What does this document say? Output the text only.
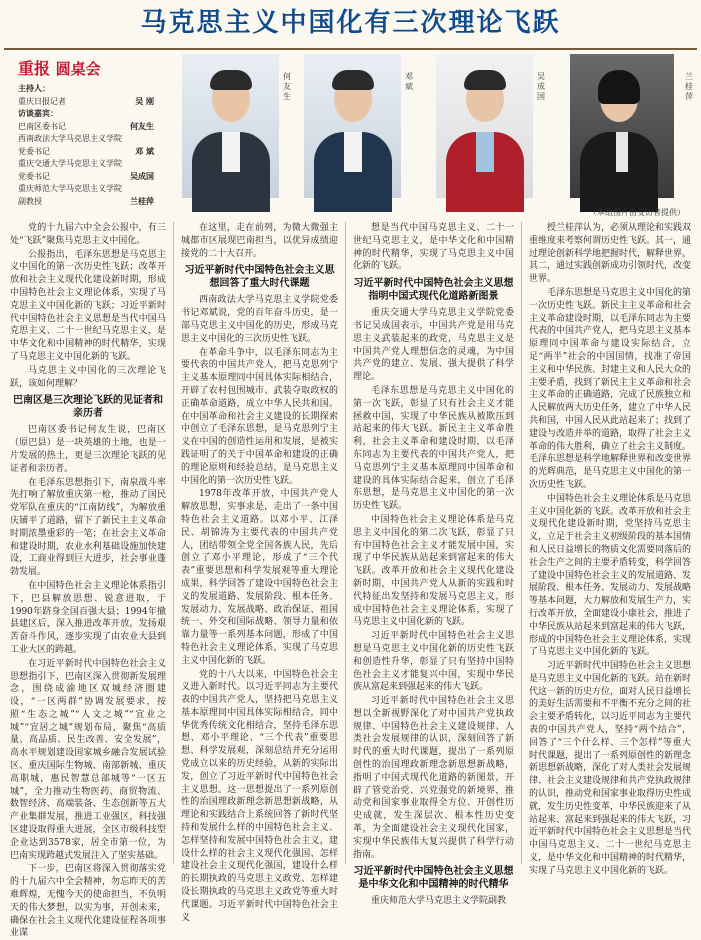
马克思主义中国化有三次理论飞跃
重报 圆桌会
主持人：
重庆日报记者	吴 刚
访谈嘉宾：
巴南区委书记	何友生
西南政法大学马克思主义学院党委书记	邓 斌
重庆交通大学马克思主义学院党委书记	吴成国
重庆师范大学马克思主义学院副教授	兰桂萍
何友生
邓斌
吴成国
兰桂萍
（本组图片由受访者提供）

党的十九届六中全会公报中，有三处“飞跃”聚焦马克思主义中国化。

公报指出，毛泽东思想是马克思主义中国化的第一次历史性飞跃；改革开放和社会主义现代化建设新时期，形成中国特色社会主义理论体系，实现了马克思主义中国化新的飞跃；习近平新时代中国特色社会主义思想是当代中国马克思主义、二十一世纪马克思主义，是中华文化和中国精神的时代精华，实现了马克思主义中国化新的飞跃。

马克思主义中国化的三次理论飞跃，该如何理解？

巴南区是三次理论飞跃的见证者和亲历者

巴南区委书记何友生说，巴南区（原巴县）是一块英雄的土地，也是一片发展的热土，更是三次理论飞跃的见证者和亲历者。

在毛泽东思想指引下，南泉战斗率先打响了解放重庆第一枪，推动了国民党军队在重庆的“江南防线”，为解放重庆铺平了道路，留下了新民主主义革命时期浓墨重彩的一笔；在社会主义革命和建设时期，农业水利基础设施加快建设，工商业得到巨大进步，社会事业蓬勃发展。

在中国特色社会主义理论体系指引下，巴县解放思想、锐意进取，于1990年跻身全国百强大县；1994年撤县建区后，深入推进改革开放，发扬艰苦奋斗作风，逐步实现了由农业大县到工业大区的跨越。

在习近平新时代中国特色社会主义思想指引下，巴南区深入贯彻新发展理念，围绕成渝地区双城经济圈建设，“一区两群”协调发展要求，按照“生态之城”“人文之城”“宜业之城”“宜居之城”规划布局，聚焦“高质量、高品质、民生改善、安全发展”，高水平规划建设国家城乡融合发展试验区、重庆国际生物城、南部新城、重庆高职城，惠民智慧总部城等“一区五城”，全力推动生物医药、商贸物流、数智经济、高端装备、生态创新等五大产业集群发展，推进工业强区，科技强区建设取得重大进展，全区市级科技型企业达到3578家，居全市第一位，为巴南实现跨越式发展注入了坚实基础。

下一步，巴南区将深入贯彻落实党的十九届六中全会精神，勿忘昨天的苦难辉煌，无愧今天的使命担当，不负明天的伟大梦想，以实为事，开创未来，确保在社会主义现代化建设征程各项事业谋

在这里，走在前列，为微大微强主城都市区展现巴南担当，以优异成绩迎接党的二十大召开。

习近平新时代中国特色社会主义思想回答了重大时代课题

西南政法大学马克思主义学院党委书记邓斌说，党的百年奋斗历史，是一部马克思主义中国化的历史，形成马克思主义中国化的三次历史性飞跃。

在革命斗争中，以毛泽东同志为主要代表的中国共产党人，把马克思列宁主义基本原理同中国具体实际相结合，开辟了农村包围城市、武装夺取政权的正确革命道路，成立中华人民共和国。在中国革命和社会主义建设的长期探索中创立了毛泽东思想，是马克思列宁主义在中国的创造性运用和发展，是被实践证明了的关于中国革命和建设的正确的理论原则和经验总结，是马克思主义中国化的第一次历史性飞跃。

1978年改革开放，中国共产党人解放思想，实事求是，走出了一条中国特色社会主义道路。以邓小平、江泽民、胡锦涛为主要代表的中国共产党人，团结带领全党全国各族人民，先后创立了邓小平理论，形成了“三个代表”重要思想和科学发展观等重大理论成果，科学回答了建设中国特色社会主义的发展道路、发展阶段、根本任务、发展动力、发展战略、政治保证、祖国统一、外交和国际战略、领导力量和依靠力量等一系列基本问题，形成了中国特色社会主义理论体系，实现了马克思主义中国化新的飞跃。

党的十八大以来，中国特色社会主义进入新时代。以习近平同志为主要代表的中国共产党人，坚持把马克思主义基本原理同中国具体实际相结合，同中华优秀传统文化相结合，坚持毛泽东思想、邓小平理论、“三个代表”重要思想、科学发展观，深刻总结并充分运用党成立以来的历史经验，从新的实际出发，创立了习近平新时代中国特色社会主义思想。这一思想提出了一系列原创性的治国理政新理念新思想新战略，从理论和实践结合上系统回答了新时代坚持和发展什么样的中国特色社会主义、怎样坚持和发展中国特色社会主义，建设什么样的社会主义现代化强国、怎样建设社会主义现代化强国，建设什么样的长期执政的马克思主义政党、怎样建设长期执政的马克思主义政党等重大时代课题。习近平新时代中国特色社会主义

想是当代中国马克思主义、二十一世纪马克思主义，是中华文化和中国精神的时代精华，实现了马克思主义中国化新的飞跃。

习近平新时代中国特色社会主义思想指明中国式现代化道路新图景

重庆交通大学马克思主义学院党委书记吴成国表示，中国共产党是用马克思主义武装起来的政党，马克思主义是中国共产党人理想信念的灵魂，为中国共产党的建立、发展、强大提供了科学理论。

毛泽东思想是马克思主义中国化的第一次飞跃，彰显了只有社会主义才能拯救中国，实现了中华民族从被欺压到站起来的伟大飞跃。新民主主义革命胜利，社会主义革命和建设时期，以毛泽东同志为主要代表的中国共产党人，把马克思列宁主义基本原理同中国革命和建设的具体实际结合起来，创立了毛泽东思想，是马克思主义中国化的第一次历史性飞跃。

中国特色社会主义理论体系是马克思主义中国化的第二次飞跃，彰显了只有中国特色社会主义才能发展中国，实现了中华民族从站起来到富起来的伟大飞跃。改革开放和社会主义现代化建设新时期，中国共产党人从新的实践和时代特征出发坚持和发展马克思主义，形成中国特色社会主义理论体系，实现了马克思主义中国化新的飞跃。

习近平新时代中国特色社会主义思想是马克思主义中国化新的历史性飞跃和创造性升华，彰显了只有坚持中国特色社会主义才能复兴中国，实现中华民族从富起来到强起来的伟大飞跃。

习近平新时代中国特色社会主义思想以全新视野深化了对中国共产党执政规律、中国特色社会主义建设规律、人类社会发展规律的认识，深刻回答了新时代的重大时代课题，提出了一系列原创性的治国理政新理念新思想新战略，指明了中国式现代化道路的新图景，开辟了管党治党、兴党强党的新境界，推动党和国家事业取得全方位、开创性历史成就，发生深层次、根本性历史变革，为全面建设社会主义现代化国家，实现中华民族伟大复兴提供了科学行动指南。

习近平新时代中国特色社会主义思想是中华文化和中国精神的时代精华

重庆师范大学马克思主义学院副教

授兰桂萍认为，必须从理论和实践双重维度来考察何谓历史性飞跃。其一，通过理论创新科学地把握时代，解释世界。其二，通过实践创新成功引领时代，改变世界。

毛泽东思想是马克思主义中国化的第一次历史性飞跃。新民主主义革命和社会主义革命建设时期，以毛泽东同志为主要代表的中国共产党人，把马克思主义基本原理同中国革命与建设实际结合，立足“两半”社会的中国国情，找准了帝国主义和中华民族、封建主义和人民大众的主要矛盾，找到了新民主主义革命和社会主义革命的正确道路，完成了民族独立和人民解放两大历史任务，建立了中华人民共和国，中国人民从此站起来了；找到了建设与改造并举的道路，取得了社会主义革命的伟大胜利，确立了社会主义制度。毛泽东思想是科学地解释世界和改变世界的光辉典范，是马克思主义中国化的第一次历史性飞跃。

中国特色社会主义理论体系是马克思主义中国化新的飞跃。改革开放和社会主义现代化建设新时期，党坚持马克思主义，立足于社会主义初级阶段的基本国情和人民日益增长的物质文化需要同落后的社会生产之间的主要矛盾转变，科学回答了建设中国特色社会主义的发展道路、发展阶段、根本任务、发展动力、发展战略等基本问题，大力解放和发展生产力，实行改革开放，全面建设小康社会，推进了中华民族从站起来到富起来的伟大飞跃，形成的中国特色社会主义理论体系，实现了马克思主义中国化新的飞跃。

习近平新时代中国特色社会主义思想是马克思主义中国化新的飞跃。站在新时代这一新的历史方位，面对人民日益增长的美好生活需要和不平衡不充分之间的社会主要矛盾转化，以习近平同志为主要代表的中国共产党人，坚持“两个结合”，回答了“三个什么样、三个怎样”等重大时代课题，提出了一系列原创性的新理念新思想新战略，深化了对人类社会发展规律、社会主义建设规律和共产党执政规律的认识，推动党和国家事业取得历史性成就，发生历史性变革，中华民族迎来了从站起来、富起来到强起来的伟大飞跃，习近平新时代中国特色社会主义思想是当代中国马克思主义、二十一世纪马克思主义，是中华文化和中国精神的时代精华，实现了马克思主义中国化新的飞跃。
